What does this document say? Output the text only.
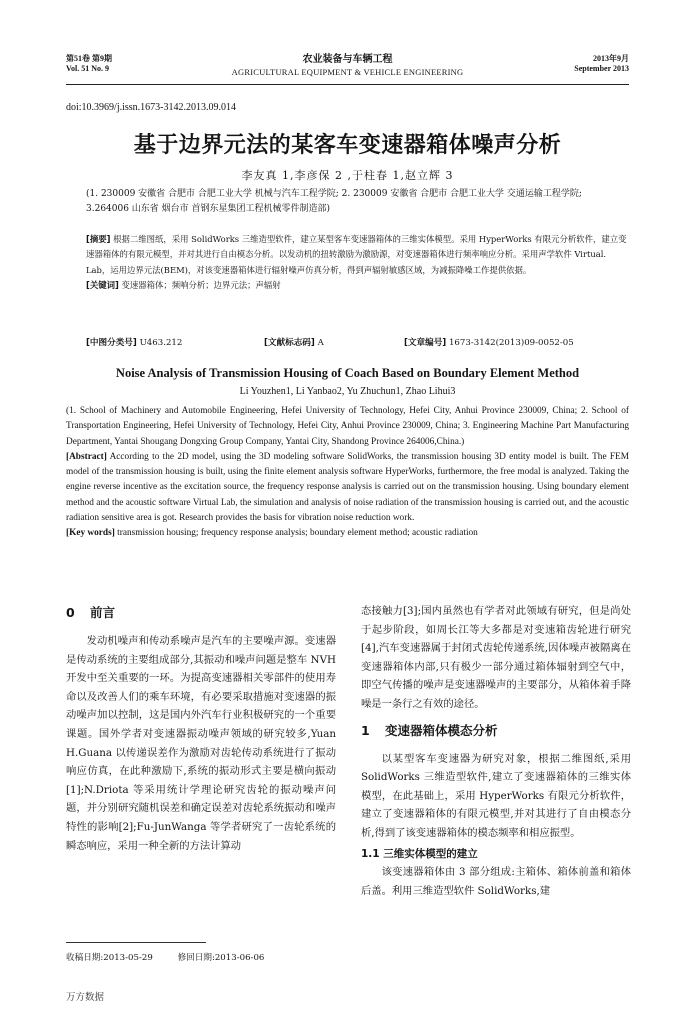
第51卷 第9期
Vol. 51 No. 9
农业装备与车辆工程
AGRICULTURAL EQUIPMENT & VEHICLE ENGINEERING
2013年9月
September 2013
doi:10.3969/j.issn.1673-3142.2013.09.014
基于边界元法的某客车变速器箱体噪声分析
李友真 1,李彦保 2 ,于柱春 1,赵立辉 3
(1. 230009 安徽省 合肥市 合肥工业大学 机械与汽车工程学院; 2. 230009 安徽省 合肥市 合肥工业大学 交通运输工程学院; 3.264006 山东省 烟台市 首钢东星集团工程机械零件制造部)
[摘要] 根据二维图纸，采用 SolidWorks 三维造型软件，建立某型客车变速器箱体的三维实体模型。采用 HyperWorks 有限元分析软件，建立变速器箱体的有限元模型，并对其进行自由模态分析。以发动机的扭转激励为激励源，对变速器箱体进行频率响应分析。采用声学软件 Virtual. Lab，运用边界元法(BEM)，对该变速器箱体进行辐射噪声仿真分析，得到声辐射敏感区域，为减振降噪工作提供依据。
[关键词] 变速器箱体；频响分析；边界元法；声辐射
[中图分类号] U463.212	[文献标志码] A	[文章编号] 1673-3142(2013)09-0052-05
Noise Analysis of Transmission Housing of Coach Based on Boundary Element Method
Li Youzhen1, Li Yanbao2, Yu Zhuchun1, Zhao Lihui3

(1. School of Machinery and Automobile Engineering, Hefei University of Technology, Hefei City, Anhui Province 230009, China; 2. School of Transportation Engineering, Hefei University of Technology, Hefei City, Anhui Province 230009, China; 3. Engineering Machine Part Manufacturing Department, Yantai Shougang Dongxing Group Company, Yantai City, Shandong Province 264006,China.)

[Abstract] According to the 2D model, using the 3D modeling software SolidWorks, the transmission housing 3D entity model is built. The FEM model of the transmission housing is built, using the finite element analysis software HyperWorks, furthermore, the free modal is analyzed. Taking the engine reverse incentive as the excitation source, the frequency response analysis is carried out on the transmission housing. Using boundary element method and the acoustic software Virtual Lab, the simulation and analysis of noise radiation of the transmission housing is carried out, and the acoustic radiation sensitive area is got. Research provides the basis for vibration noise reduction work.

[Key words] transmission housing; frequency response analysis; boundary element method; acoustic radiation

0 前言

发动机噪声和传动系噪声是汽车的主要噪声源。变速器是传动系统的主要组成部分,其振动和噪声问题是整车 NVH 开发中至关重要的一环。为提高变速器相关零部件的使用寿命以及改善人们的乘车环境，有必要采取措施对变速器的振动噪声加以控制，这是国内外汽车行业积极研究的一个重要课题。国外学者对变速器振动噪声领域的研究较多,Yuan H.Guana 以传递误差作为激励对齿轮传动系统进行了振动响应仿真，在此种激励下,系统的振动形式主要是横向振动[1];N.Driota 等采用统计学理论研究齿轮的振动噪声问题，并分别研究随机误差和确定误差对齿轮系统振动和噪声特性的影响[2];Fu-JunWanga 等学者研究了一齿轮系统的瞬态响应，采用一种全新的方法计算动

态接触力[3];国内虽然也有学者对此领域有研究，但是尚处于起步阶段，如周长江等大多都是对变速箱齿轮进行研究[4],汽车变速器属于封闭式齿轮传递系统,因体噪声被隔离在变速器箱体内部,只有极少一部分通过箱体辐射到空气中，即空气传播的噪声是变速器噪声的主要部分，从箱体着手降噪是一条行之有效的途径。

1 变速器箱体模态分析

以某型客车变速器为研究对象，根据二维图纸,采用 SolidWorks 三维造型软件,建立了变速器箱体的三维实体模型，在此基础上，采用 HyperWorks 有限元分析软件，建立了变速器箱体的有限元模型,并对其进行了自由模态分析,得到了该变速器箱体的模态频率和相应振型。

1.1 三维实体模型的建立

该变速器箱体由 3 部分组成:主箱体、箱体前盖和箱体后盖。利用三维造型软件 SolidWorks,建

收稿日期:2013-05-29	修回日期:2013-06-06
万方数据
